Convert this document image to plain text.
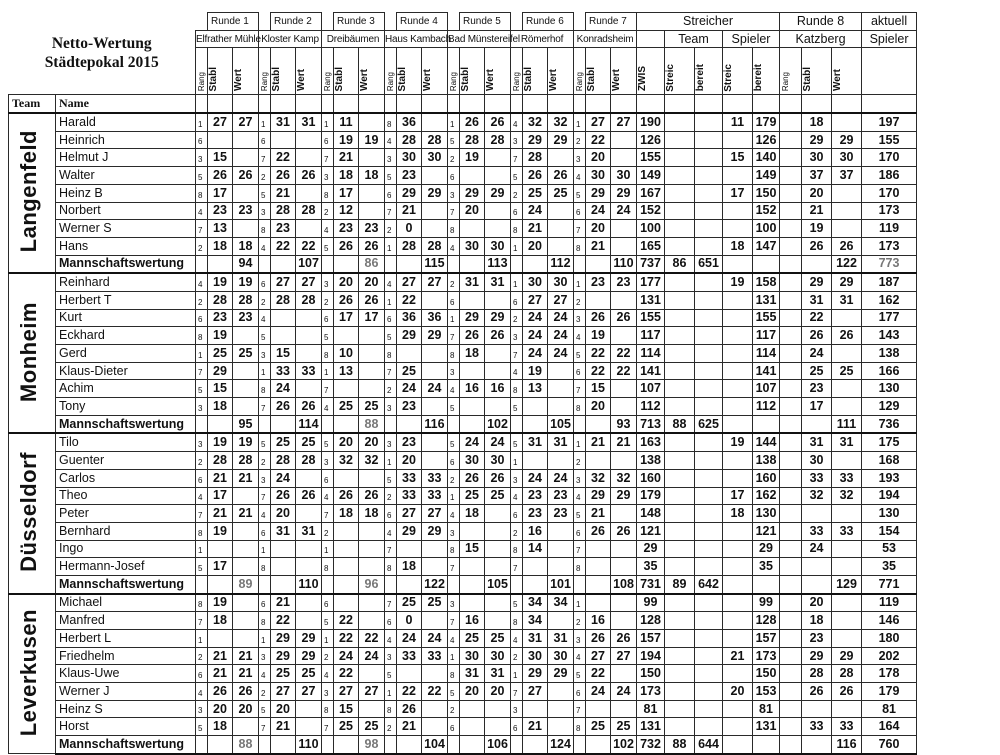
Netto-Wertung
Städtepokal 2015			Runde 1			Runde 2			Runde 3			Runde 4			Runde 5			Runde 6			Runde 7		Streicher					Runde 8			aktuell
		Elfrather Mühle			Kloster Kamp			Dreibäumen			Haus Kambach			Bad Münstereifel			Römerhof			Konradsheim				Team		Spieler		Katzberg			Spieler
		Rang	Stabl	Wert	Rang	Stabl	Wert	Rang	Stabl	Wert	Rang	Stabl	Wert	Rang	Stabl	Wert	Rang	Stabl	Wert	Rang	Stabl	Wert	ZWIS	Streic	bereit	Streic	bereit	Rang	Stabl	Wert	
Team	Name																														
Langenfeld	Harald	1	27	27	1	31	31	1	11		8	36		1	26	26	4	32	32	1	27	27	190			11	179		18		197
	Heinrich	6			6			6	19	19	4	28	28	5	28	28	3	29	29	2	22		126				126		29	29	155
	Helmut J	3	15		7	22		7	21		3	30	30	2	19		7	28		3	20		155			15	140		30	30	170
	Walter	5	26	26	2	26	26	3	18	18	5	23		6			5	26	26	4	30	30	149				149		37	37	186
	Heinz B	8	17		5	21		8	17		6	29	29	3	29	29	2	25	25	5	29	29	167			17	150		20		170
	Norbert	4	23	23	3	28	28	2	12		7	21		7	20		6	24		6	24	24	152				152		21		173
	Werner S	7	13		8	23		4	23	23	2	0		8			8	21		7	20		100				100		19		119
	Hans	2	18	18	4	22	22	5	26	26	1	28	28	4	30	30	1	20		8	21		165			18	147		26	26	173
	Mannschaftswertung			94			107			86			115			113			112			110	737	86	651					122	773
Monheim	Reinhard	4	19	19	6	27	27	3	20	20	4	27	27	2	31	31	1	30	30	1	23	23	177			19	158		29	29	187
	Herbert T	2	28	28	2	28	28	2	26	26	1	22		6			6	27	27	2			131				131		31	31	162
	Kurt	6	23	23	4			6	17	17	6	36	36	1	29	29	2	24	24	3	26	26	155				155		22		177
	Eckhard	8	19		5			5			5	29	29	7	26	26	3	24	24	4	19		117				117		26	26	143
	Gerd	1	25	25	3	15		8	10		8			8	18		7	24	24	5	22	22	114				114		24		138
	Klaus-Dieter	7	29		1	33	33	1	13		7	25		3			4	19		6	22	22	141				141		25	25	166
	Achim	5	15		8	24		7			2	24	24	4	16	16	8	13		7	15		107				107		23		130
	Tony	3	18		7	26	26	4	25	25	3	23		5			5			8	20		112				112		17		129
	Mannschaftswertung			95			114			88			116			102			105			93	713	88	625					111	736
Düsseldorf	Tilo	3	19	19	5	25	25	5	20	20	3	23		5	24	24	5	31	31	1	21	21	163			19	144		31	31	175
	Guenter	2	28	28	2	28	28	3	32	32	1	20		6	30	30	1			2			138				138		30		168
	Carlos	6	21	21	3	24		6			5	33	33	2	26	26	3	24	24	3	32	32	160				160		33	33	193
	Theo	4	17		7	26	26	4	26	26	2	33	33	1	25	25	4	23	23	4	29	29	179			17	162		32	32	194
	Peter	7	21	21	4	20		7	18	18	6	27	27	4	18		6	23	23	5	21		148			18	130				130
	Bernhard	8	19		6	31	31	2			4	29	29	3			2	16		6	26	26	121				121		33	33	154
	Ingo	1			1			1			7			8	15		8	14		7			29				29		24		53
	Hermann-Josef	5	17		8			8			8	18		7			7			8			35				35				35
	Mannschaftswertung			89			110			96			122			105			101			108	731	89	642					129	771
Leverkusen	Michael	8	19		6	21		6			7	25	25	3			5	34	34	1			99				99		20		119
	Manfred	7	18		8	22		5	22		6	0		7	16		8	34		2	16		128				128		18		146
	Herbert L	1			1	29	29	1	22	22	4	24	24	4	25	25	4	31	31	3	26	26	157				157		23		180
	Friedhelm	2	21	21	3	29	29	2	24	24	3	33	33	1	30	30	2	30	30	4	27	27	194			21	173		29	29	202
	Klaus-Uwe	6	21	21	4	25	25	4	22		5			8	31	31	1	29	29	5	22		150				150		28	28	178
	Werner J	4	26	26	2	27	27	3	27	27	1	22	22	5	20	20	7	27		6	24	24	173			20	153		26	26	179
	Heinz S	3	20	20	5	20		8	15		8	26		2			3			7			81				81				81
	Horst	5	18		7	21		7	25	25	2	21		6			6	21		8	25	25	131				131		33	33	164
	Mannschaftswertung			88			110			98			104			106			124			102	732	88	644					116	760
